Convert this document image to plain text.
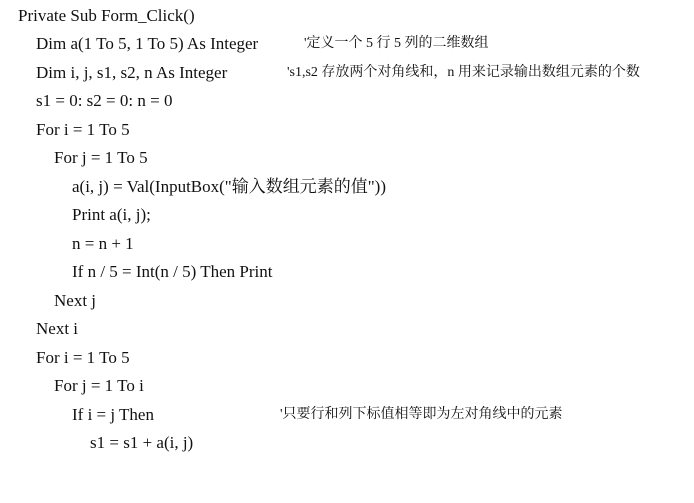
Private Sub Form_Click()

Dim a(1 To 5, 1 To 5) As Integer

	'定义一个 5 行 5 列的二维数组

Dim i, j, s1, s2, n As Integer

	's1,s2 存放两个对角线和，n 用来记录输出数组元素的个数

s1 = 0: s2 = 0: n = 0

For i = 1 To 5

For j = 1 To 5

a(i, j) = Val(InputBox("输入数组元素的值"))

Print a(i, j);

n = n + 1

If n / 5 = Int(n / 5) Then Print

Next j

Next i

For i = 1 To 5

For j = 1 To i

If i = j Then

	'只要行和列下标值相等即为左对角线中的元素

s1 = s1 + a(i, j)
